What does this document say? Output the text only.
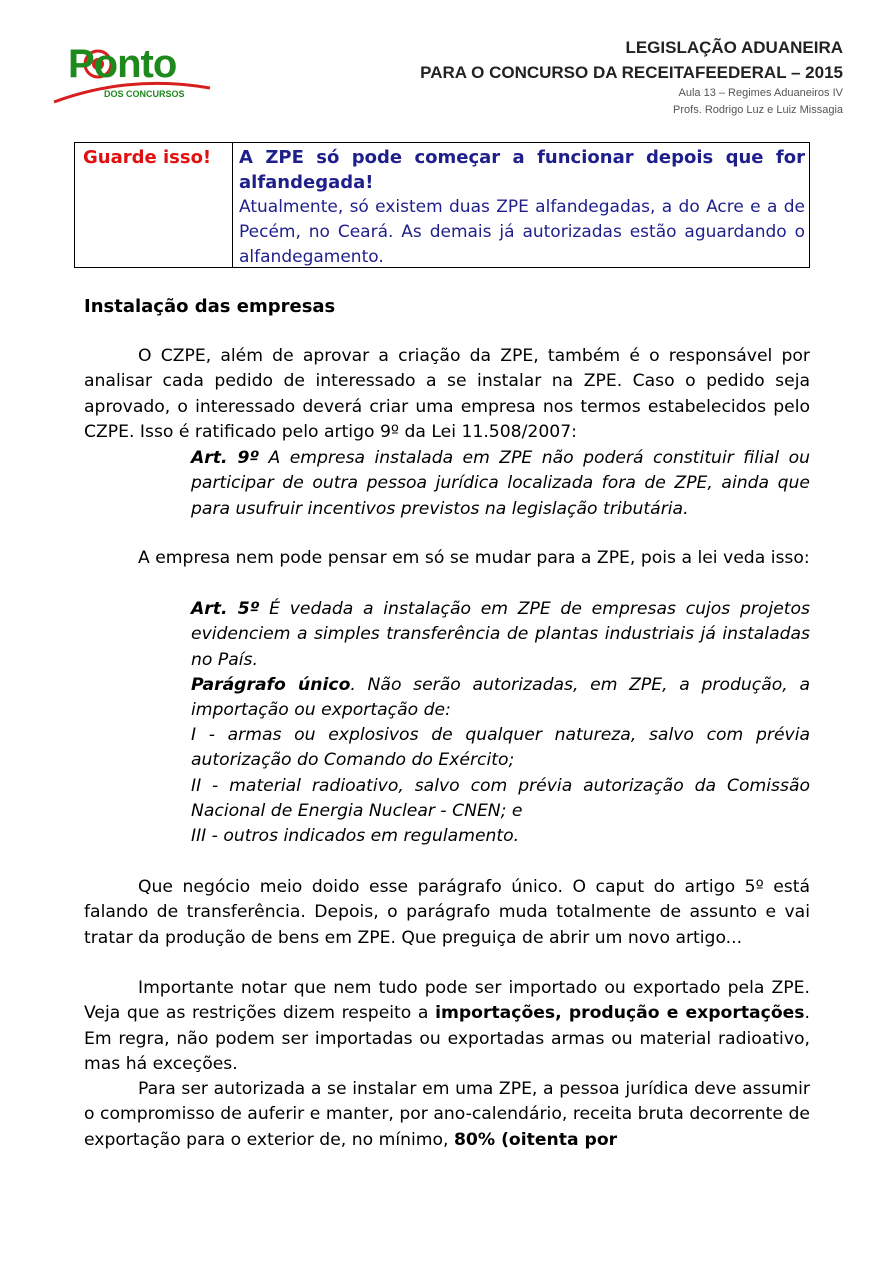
Ponto
DOS CONCURSOS
LEGISLAÇÃO ADUANEIRA
PARA O CONCURSO DA RECEITAFEEDERAL – 2015
Aula 13 – Regimes Aduaneiros IV
Profs. Rodrigo Luz e Luiz Missagia
Guarde isso! A ZPE só pode começar a funcionar depois que for alfandegada!

Atualmente, só existem duas ZPE alfandegadas, a do Acre e a de Pecém, no Ceará. As demais já autorizadas estão aguardando o alfandegamento.

Instalação das empresas

O CZPE, além de aprovar a criação da ZPE, também é o responsável por analisar cada pedido de interessado a se instalar na ZPE. Caso o pedido seja aprovado, o interessado deverá criar uma empresa nos termos estabelecidos pelo CZPE. Isso é ratificado pelo artigo 9º da Lei 11.508/2007:

Art. 9º A empresa instalada em ZPE não poderá constituir filial ou participar de outra pessoa jurídica localizada fora de ZPE, ainda que para usufruir incentivos previstos na legislação tributária.

A empresa nem pode pensar em só se mudar para a ZPE, pois a lei veda isso:

Art. 5º É vedada a instalação em ZPE de empresas cujos projetos evidenciem a simples transferência de plantas industriais já instaladas no País.

Parágrafo único. Não serão autorizadas, em ZPE, a produção, a importação ou exportação de:

I - armas ou explosivos de qualquer natureza, salvo com prévia autorização do Comando do Exército;

II - material radioativo, salvo com prévia autorização da Comissão Nacional de Energia Nuclear - CNEN; e

III - outros indicados em regulamento.

Que negócio meio doido esse parágrafo único. O caput do artigo 5º está falando de transferência. Depois, o parágrafo muda totalmente de assunto e vai tratar da produção de bens em ZPE. Que preguiça de abrir um novo artigo...

Importante notar que nem tudo pode ser importado ou exportado pela ZPE. Veja que as restrições dizem respeito a importações, produção e exportações. Em regra, não podem ser importadas ou exportadas armas ou material radioativo, mas há exceções.

Para ser autorizada a se instalar em uma ZPE, a pessoa jurídica deve assumir o compromisso de auferir e manter, por ano-calendário, receita bruta decorrente de exportação para o exterior de, no mínimo, 80% (oitenta por
